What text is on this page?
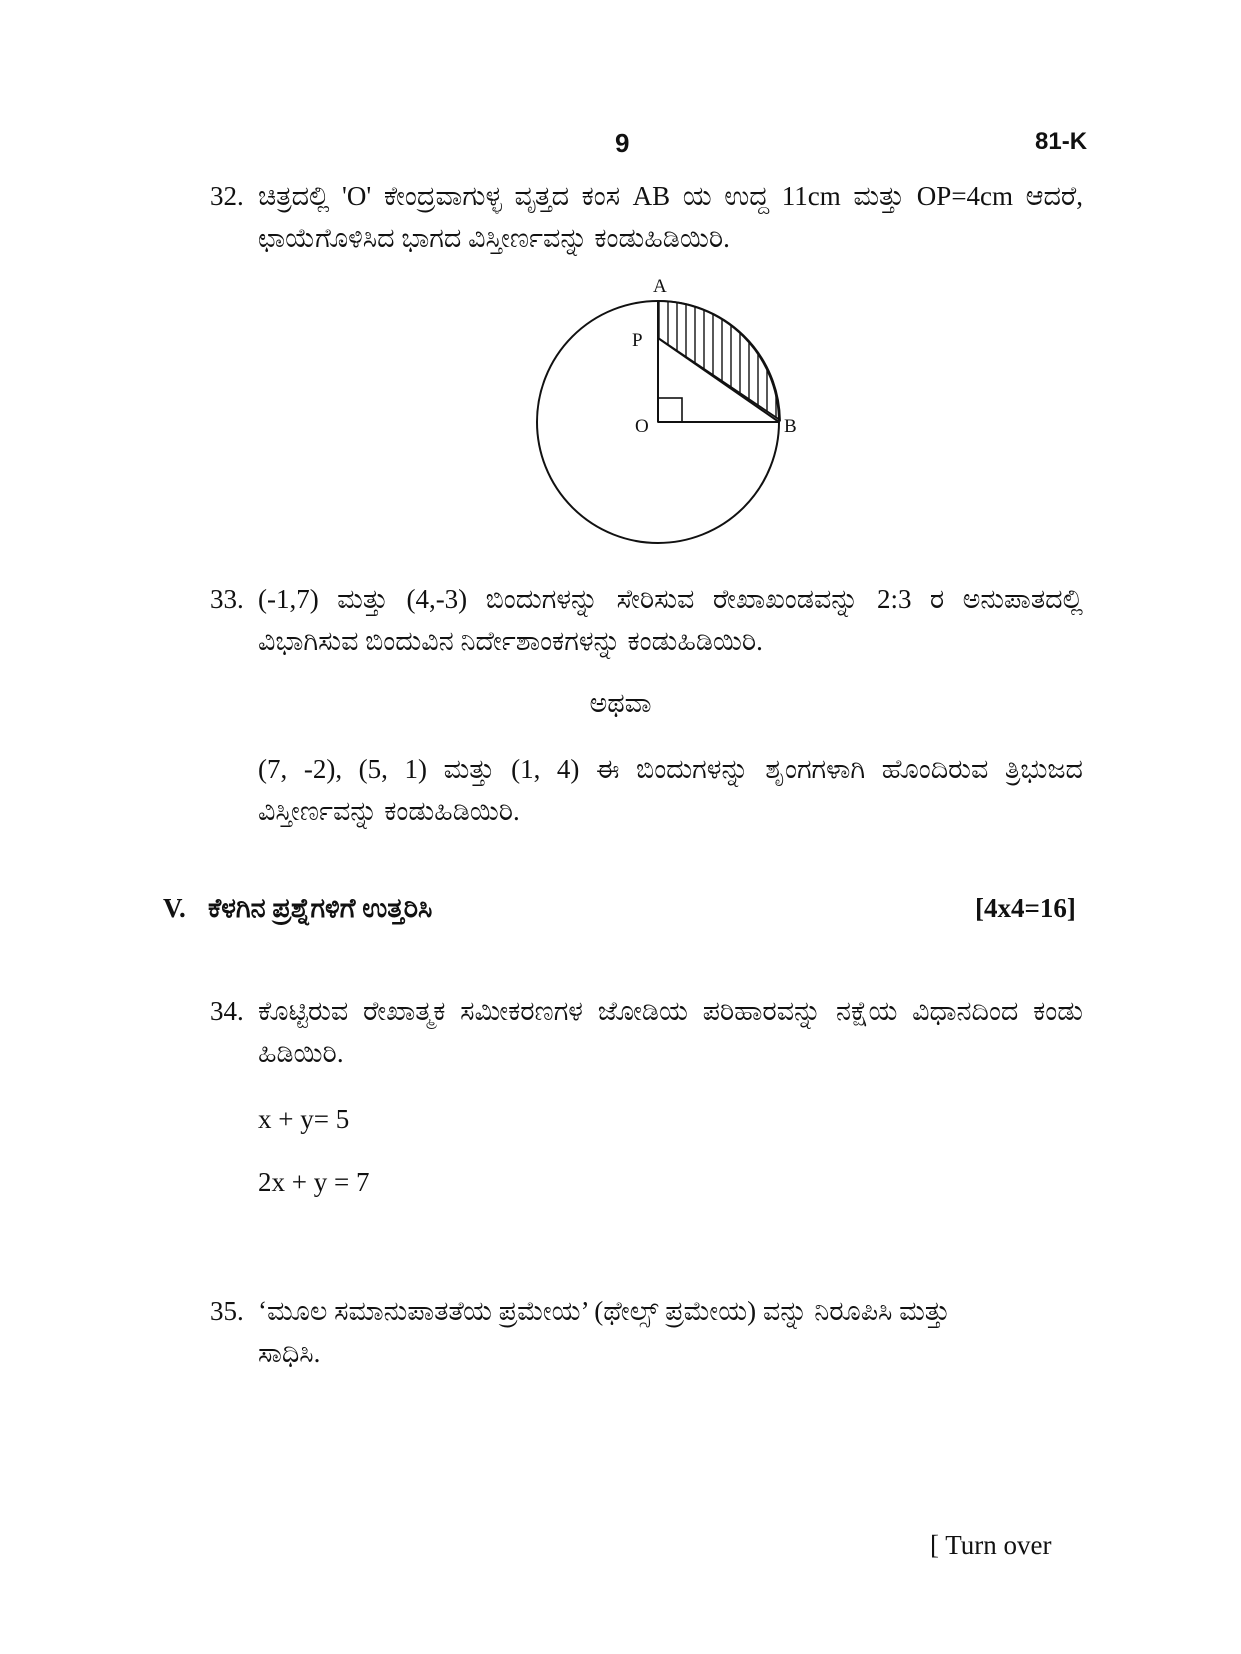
9	81-K
32. ಚಿತ್ರದಲ್ಲಿ 'O' ಕೇಂದ್ರವಾಗುಳ್ಳ ವೃತ್ತದ ಕಂಸ AB ಯ ಉದ್ದ 11cm ಮತ್ತು OP=4cm ಆದರೆ, ಛಾಯೆಗೊಳಿಸಿದ ಭಾಗದ ವಿಸ್ತೀರ್ಣವನ್ನು ಕಂಡುಹಿಡಿಯಿರಿ.
A
P
O	B
33. (-1,7) ಮತ್ತು (4,-3) ಬಿಂದುಗಳನ್ನು ಸೇರಿಸುವ ರೇಖಾಖಂಡವನ್ನು 2:3 ರ ಅನುಪಾತದಲ್ಲಿ ವಿಭಾಗಿಸುವ ಬಿಂದುವಿನ ನಿರ್ದೇಶಾಂಕಗಳನ್ನು ಕಂಡುಹಿಡಿಯಿರಿ.
ಅಥವಾ
(7, -2), (5, 1) ಮತ್ತು (1, 4) ಈ ಬಿಂದುಗಳನ್ನು ಶೃಂಗಗಳಾಗಿ ಹೊಂದಿರುವ ತ್ರಿಭುಜದ ವಿಸ್ತೀರ್ಣವನ್ನು ಕಂಡುಹಿಡಿಯಿರಿ.
V. ಕೆಳಗಿನ ಪ್ರಶ್ನೆಗಳಿಗೆ ಉತ್ತರಿಸಿ	[4x4=16]
34. ಕೊಟ್ಟಿರುವ ರೇಖಾತ್ಮಕ ಸಮೀಕರಣಗಳ ಜೋಡಿಯ ಪರಿಹಾರವನ್ನು ನಕ್ಷೆಯ ವಿಧಾನದಿಂದ ಕಂಡು ಹಿಡಿಯಿರಿ.
x + y= 5
2x + y = 7
35. ‘ಮೂಲ ಸಮಾನುಪಾತತೆಯ ಪ್ರಮೇಯ’ (ಥೇಲ್ಸ್ ಪ್ರಮೇಯ) ವನ್ನು ನಿರೂಪಿಸಿ ಮತ್ತು ಸಾಧಿಸಿ.
[ Turn over
